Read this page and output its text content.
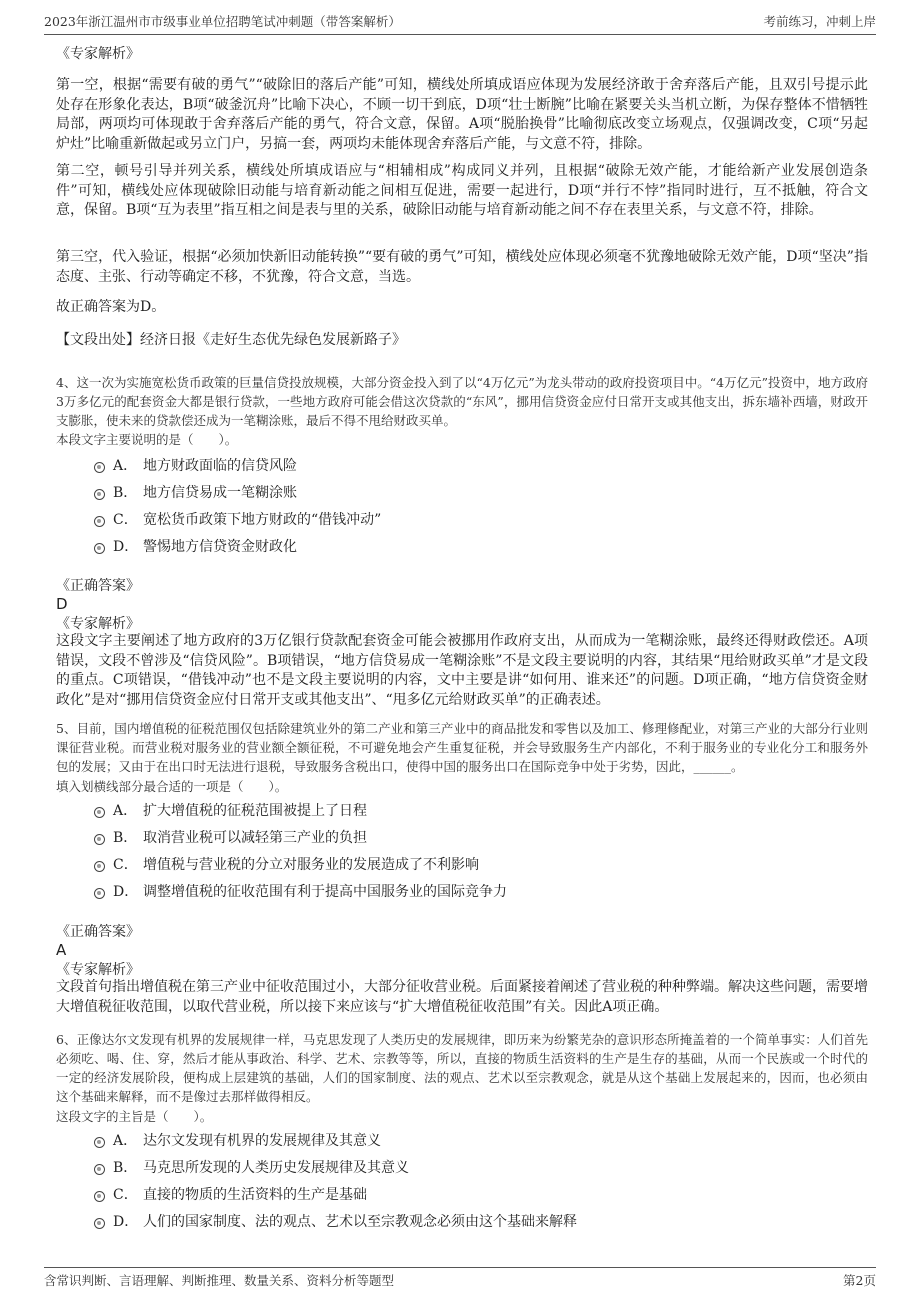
2023年浙江温州市市级事业单位招聘笔试冲刺题（带答案解析）	考前练习，冲刺上岸
《专家解析》
第一空，根据“需要有破的勇气”“破除旧的落后产能”可知，横线处所填成语应体现为发展经济敢于舍弃落后产能，且双引号提示此处存在形象化表达，B项“破釜沉舟”比喻下决心，不顾一切干到底，D项“壮士断腕”比喻在紧要关头当机立断，为保存整体不惜牺牲局部，两项均可体现敢于舍弃落后产能的勇气，符合文意，保留。A项“脱胎换骨”比喻彻底改变立场观点，仅强调改变，C项“另起炉灶”比喻重新做起或另立门户，另搞一套，两项均未能体现舍弃落后产能，与文意不符，排除。
第二空，顿号引导并列关系，横线处所填成语应与“相辅相成”构成同义并列，且根据“破除无效产能，才能给新产业发展创造条件”可知，横线处应体现破除旧动能与培育新动能之间相互促进，需要一起进行，D项“并行不悖”指同时进行，互不抵触，符合文意，保留。B项“互为表里”指互相之间是表与里的关系，破除旧动能与培育新动能之间不存在表里关系，与文意不符，排除。
第三空，代入验证，根据“必须加快新旧动能转换”“要有破的勇气”可知，横线处应体现必须毫不犹豫地破除无效产能，D项“坚决”指态度、主张、行动等确定不移，不犹豫，符合文意，当选。
故正确答案为D。
【文段出处】经济日报《走好生态优先绿色发展新路子》
4、这一次为实施宽松货币政策的巨量信贷投放规模，大部分资金投入到了以“4万亿元”为龙头带动的政府投资项目中。“4万亿元”投资中，地方政府3万多亿元的配套资金大都是银行贷款，一些地方政府可能会借这次贷款的“东风”，挪用信贷资金应付日常开支或其他支出，拆东墙补西墙，财政开支膨胀，使未来的贷款偿还成为一笔糊涂账，最后不得不甩给财政买单。
本段文字主要说明的是（　　）。
A． 地方财政面临的信贷风险
B． 地方信贷易成一笔糊涂账
C． 宽松货币政策下地方财政的“借钱冲动”
D． 警惕地方信贷资金财政化
《正确答案》
D
《专家解析》
这段文字主要阐述了地方政府的3万亿银行贷款配套资金可能会被挪用作政府支出，从而成为一笔糊涂账，最终还得财政偿还。A项错误，文段不曾涉及“信贷风险”。B项错误，“地方信贷易成一笔糊涂账”不是文段主要说明的内容，其结果“甩给财政买单”才是文段的重点。C项错误，“借钱冲动”也不是文段主要说明的内容，文中主要是讲“如何用、谁来还”的问题。D项正确，“地方信贷资金财政化”是对“挪用信贷资金应付日常开支或其他支出”、“甩多亿元给财政买单”的正确表述。
5、目前，国内增值税的征税范围仅包括除建筑业外的第二产业和第三产业中的商品批发和零售以及加工、修理修配业，对第三产业的大部分行业则课征营业税。而营业税对服务业的营业额全额征税，不可避免地会产生重复征税，并会导致服务生产内部化，不利于服务业的专业化分工和服务外包的发展；又由于在出口时无法进行退税，导致服务含税出口，使得中国的服务出口在国际竞争中处于劣势，因此，______。
填入划横线部分最合适的一项是（　　）。
A． 扩大增值税的征税范围被提上了日程
B． 取消营业税可以减轻第三产业的负担
C． 增值税与营业税的分立对服务业的发展造成了不利影响
D． 调整增值税的征收范围有利于提高中国服务业的国际竞争力
《正确答案》
A
《专家解析》
文段首句指出增值税在第三产业中征收范围过小，大部分征收营业税。后面紧接着阐述了营业税的种种弊端。解决这些问题，需要增大增值税征收范围，以取代营业税，所以接下来应该与“扩大增值税征收范围”有关。因此A项正确。
6、正像达尔文发现有机界的发展规律一样，马克思发现了人类历史的发展规律，即历来为纷繁芜杂的意识形态所掩盖着的一个简单事实：人们首先必须吃、喝、住、穿，然后才能从事政治、科学、艺术、宗教等等，所以，直接的物质生活资料的生产是生存的基础，从而一个民族或一个时代的一定的经济发展阶段，便构成上层建筑的基础，人们的国家制度、法的观点、艺术以至宗教观念，就是从这个基础上发展起来的，因而，也必须由这个基础来解释，而不是像过去那样做得相反。
这段文字的主旨是（　　）。
A． 达尔文发现有机界的发展规律及其意义
B． 马克思所发现的人类历史发展规律及其意义
C． 直接的物质的生活资料的生产是基础
D． 人们的国家制度、法的观点、艺术以至宗教观念必须由这个基础来解释
含常识判断、言语理解、判断推理、数量关系、资料分析等题型	第2页
